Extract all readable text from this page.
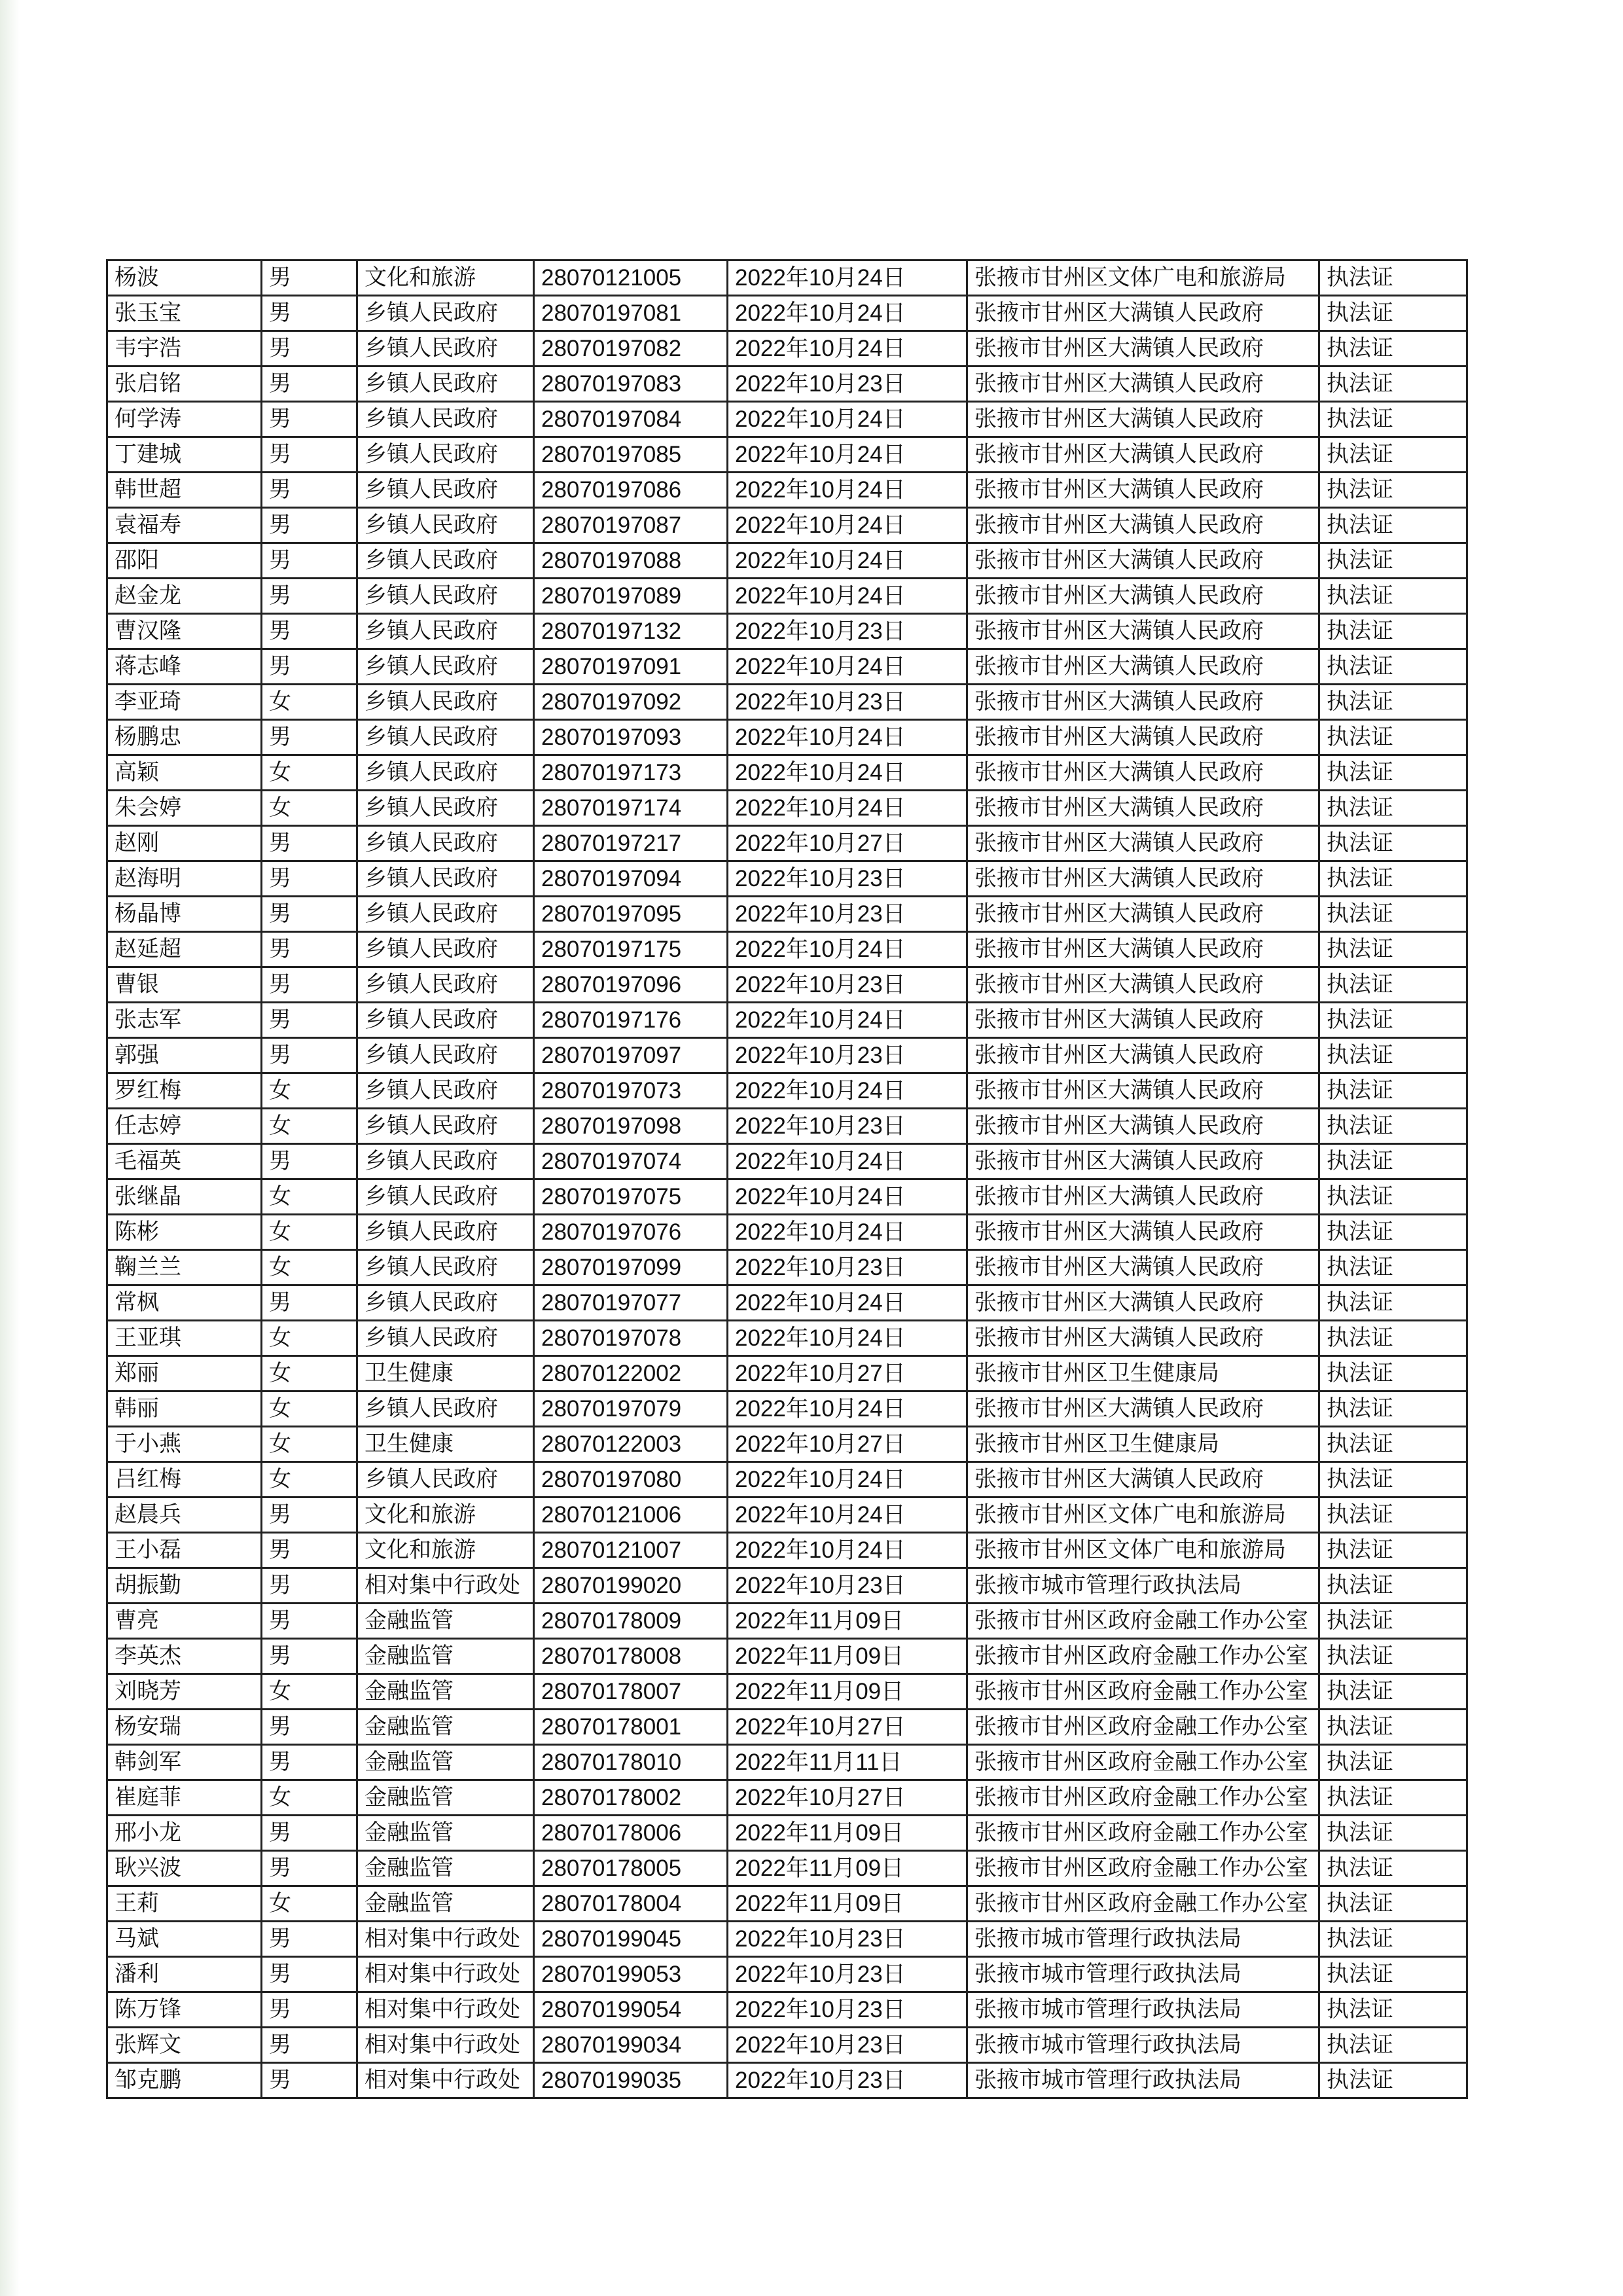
杨波	男	文化和旅游	28070121005	2022年10月24日	张掖市甘州区文体广电和旅游局	执法证
张玉宝	男	乡镇人民政府	28070197081	2022年10月24日	张掖市甘州区大满镇人民政府	执法证
韦宇浩	男	乡镇人民政府	28070197082	2022年10月24日	张掖市甘州区大满镇人民政府	执法证
张启铭	男	乡镇人民政府	28070197083	2022年10月23日	张掖市甘州区大满镇人民政府	执法证
何学涛	男	乡镇人民政府	28070197084	2022年10月24日	张掖市甘州区大满镇人民政府	执法证
丁建城	男	乡镇人民政府	28070197085	2022年10月24日	张掖市甘州区大满镇人民政府	执法证
韩世超	男	乡镇人民政府	28070197086	2022年10月24日	张掖市甘州区大满镇人民政府	执法证
袁福寿	男	乡镇人民政府	28070197087	2022年10月24日	张掖市甘州区大满镇人民政府	执法证
邵阳	男	乡镇人民政府	28070197088	2022年10月24日	张掖市甘州区大满镇人民政府	执法证
赵金龙	男	乡镇人民政府	28070197089	2022年10月24日	张掖市甘州区大满镇人民政府	执法证
曹汉隆	男	乡镇人民政府	28070197132	2022年10月23日	张掖市甘州区大满镇人民政府	执法证
蒋志峰	男	乡镇人民政府	28070197091	2022年10月24日	张掖市甘州区大满镇人民政府	执法证
李亚琦	女	乡镇人民政府	28070197092	2022年10月23日	张掖市甘州区大满镇人民政府	执法证
杨鹏忠	男	乡镇人民政府	28070197093	2022年10月24日	张掖市甘州区大满镇人民政府	执法证
高颖	女	乡镇人民政府	28070197173	2022年10月24日	张掖市甘州区大满镇人民政府	执法证
朱会婷	女	乡镇人民政府	28070197174	2022年10月24日	张掖市甘州区大满镇人民政府	执法证
赵刚	男	乡镇人民政府	28070197217	2022年10月27日	张掖市甘州区大满镇人民政府	执法证
赵海明	男	乡镇人民政府	28070197094	2022年10月23日	张掖市甘州区大满镇人民政府	执法证
杨晶博	男	乡镇人民政府	28070197095	2022年10月23日	张掖市甘州区大满镇人民政府	执法证
赵延超	男	乡镇人民政府	28070197175	2022年10月24日	张掖市甘州区大满镇人民政府	执法证
曹银	男	乡镇人民政府	28070197096	2022年10月23日	张掖市甘州区大满镇人民政府	执法证
张志军	男	乡镇人民政府	28070197176	2022年10月24日	张掖市甘州区大满镇人民政府	执法证
郭强	男	乡镇人民政府	28070197097	2022年10月23日	张掖市甘州区大满镇人民政府	执法证
罗红梅	女	乡镇人民政府	28070197073	2022年10月24日	张掖市甘州区大满镇人民政府	执法证
任志婷	女	乡镇人民政府	28070197098	2022年10月23日	张掖市甘州区大满镇人民政府	执法证
毛福英	男	乡镇人民政府	28070197074	2022年10月24日	张掖市甘州区大满镇人民政府	执法证
张继晶	女	乡镇人民政府	28070197075	2022年10月24日	张掖市甘州区大满镇人民政府	执法证
陈彬	女	乡镇人民政府	28070197076	2022年10月24日	张掖市甘州区大满镇人民政府	执法证
鞠兰兰	女	乡镇人民政府	28070197099	2022年10月23日	张掖市甘州区大满镇人民政府	执法证
常枫	男	乡镇人民政府	28070197077	2022年10月24日	张掖市甘州区大满镇人民政府	执法证
王亚琪	女	乡镇人民政府	28070197078	2022年10月24日	张掖市甘州区大满镇人民政府	执法证
郑丽	女	卫生健康	28070122002	2022年10月27日	张掖市甘州区卫生健康局	执法证
韩丽	女	乡镇人民政府	28070197079	2022年10月24日	张掖市甘州区大满镇人民政府	执法证
于小燕	女	卫生健康	28070122003	2022年10月27日	张掖市甘州区卫生健康局	执法证
吕红梅	女	乡镇人民政府	28070197080	2022年10月24日	张掖市甘州区大满镇人民政府	执法证
赵晨兵	男	文化和旅游	28070121006	2022年10月24日	张掖市甘州区文体广电和旅游局	执法证
王小磊	男	文化和旅游	28070121007	2022年10月24日	张掖市甘州区文体广电和旅游局	执法证
胡振勤	男	相对集中行政处	28070199020	2022年10月23日	张掖市城市管理行政执法局	执法证
曹亮	男	金融监管	28070178009	2022年11月09日	张掖市甘州区政府金融工作办公室	执法证
李英杰	男	金融监管	28070178008	2022年11月09日	张掖市甘州区政府金融工作办公室	执法证
刘晓芳	女	金融监管	28070178007	2022年11月09日	张掖市甘州区政府金融工作办公室	执法证
杨安瑞	男	金融监管	28070178001	2022年10月27日	张掖市甘州区政府金融工作办公室	执法证
韩剑军	男	金融监管	28070178010	2022年11月11日	张掖市甘州区政府金融工作办公室	执法证
崔庭菲	女	金融监管	28070178002	2022年10月27日	张掖市甘州区政府金融工作办公室	执法证
邢小龙	男	金融监管	28070178006	2022年11月09日	张掖市甘州区政府金融工作办公室	执法证
耿兴波	男	金融监管	28070178005	2022年11月09日	张掖市甘州区政府金融工作办公室	执法证
王莉	女	金融监管	28070178004	2022年11月09日	张掖市甘州区政府金融工作办公室	执法证
马斌	男	相对集中行政处	28070199045	2022年10月23日	张掖市城市管理行政执法局	执法证
潘利	男	相对集中行政处	28070199053	2022年10月23日	张掖市城市管理行政执法局	执法证
陈万锋	男	相对集中行政处	28070199054	2022年10月23日	张掖市城市管理行政执法局	执法证
张辉文	男	相对集中行政处	28070199034	2022年10月23日	张掖市城市管理行政执法局	执法证
邹克鹏	男	相对集中行政处	28070199035	2022年10月23日	张掖市城市管理行政执法局	执法证
